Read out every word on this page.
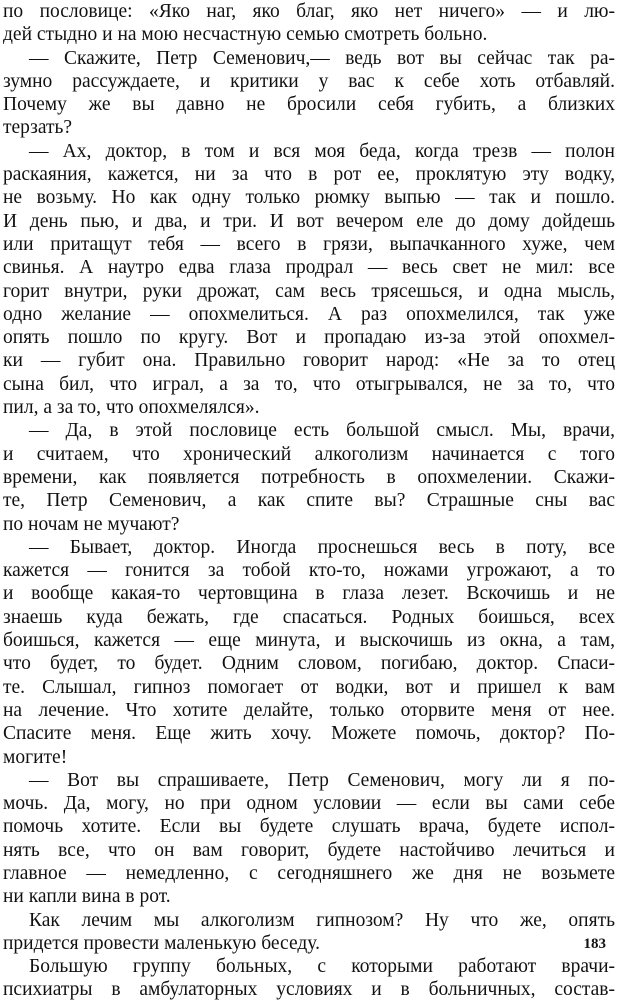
по пословице: «Яко наг, яко благ, яко нет ничего» — и лю-
дей стыдно и на мою несчастную семью смотреть больно.
— Скажите, Петр Семенович,— ведь вот вы сейчас так ра-
зумно рассуждаете, и критики у вас к себе хоть отбавляй.
Почему же вы давно не бросили себя губить, а близких
терзать?
— Ах, доктор, в том и вся моя беда, когда трезв — полон
раскаяния, кажется, ни за что в рот ее, проклятую эту водку,
не возьму. Но как одну только рюмку выпью — так и пошло.
И день пью, и два, и три. И вот вечером еле до дому дойдешь
или притащут тебя — всего в грязи, выпачканного хуже, чем
свинья. А наутро едва глаза продрал — весь свет не мил: все
горит внутри, руки дрожат, сам весь трясешься, и одна мысль,
одно желание — опохмелиться. А раз опохмелился, так уже
опять пошло по кругу. Вот и пропадаю из-за этой опохмел-
ки — губит она. Правильно говорит народ: «Не за то отец
сына бил, что играл, а за то, что отыгрывался, не за то, что
пил, а за то, что опохмелялся».
— Да, в этой пословице есть большой смысл. Мы, врачи,
и считаем, что хронический алкоголизм начинается с того
времени, как появляется потребность в опохмелении. Скажи-
те, Петр Семенович, а как спите вы? Страшные сны вас
по ночам не мучают?
— Бывает, доктор. Иногда проснешься весь в поту, все
кажется — гонится за тобой кто-то, ножами угрожают, а то
и вообще какая-то чертовщина в глаза лезет. Вскочишь и не
знаешь куда бежать, где спасаться. Родных боишься, всех
боишься, кажется — еще минута, и выскочишь из окна, а там,
что будет, то будет. Одним словом, погибаю, доктор. Спаси-
те. Слышал, гипноз помогает от водки, вот и пришел к вам
на лечение. Что хотите делайте, только оторвите меня от нее.
Спасите меня. Еще жить хочу. Можете помочь, доктор? По-
могите!
— Вот вы спрашиваете, Петр Семенович, могу ли я по-
мочь. Да, могу, но при одном условии — если вы сами себе
помочь хотите. Если вы будете слушать врача, будете испол-
нять все, что он вам говорит, будете настойчиво лечиться и
главное — немедленно, с сегодняшнего же дня не возьмете
ни капли вина в рот.
Как лечим мы алкоголизм гипнозом? Ну что же, опять
придется провести маленькую беседу.
Большую группу больных, с которыми работают врачи-
психиатры в амбулаторных условиях и в больничных, состав-
183
